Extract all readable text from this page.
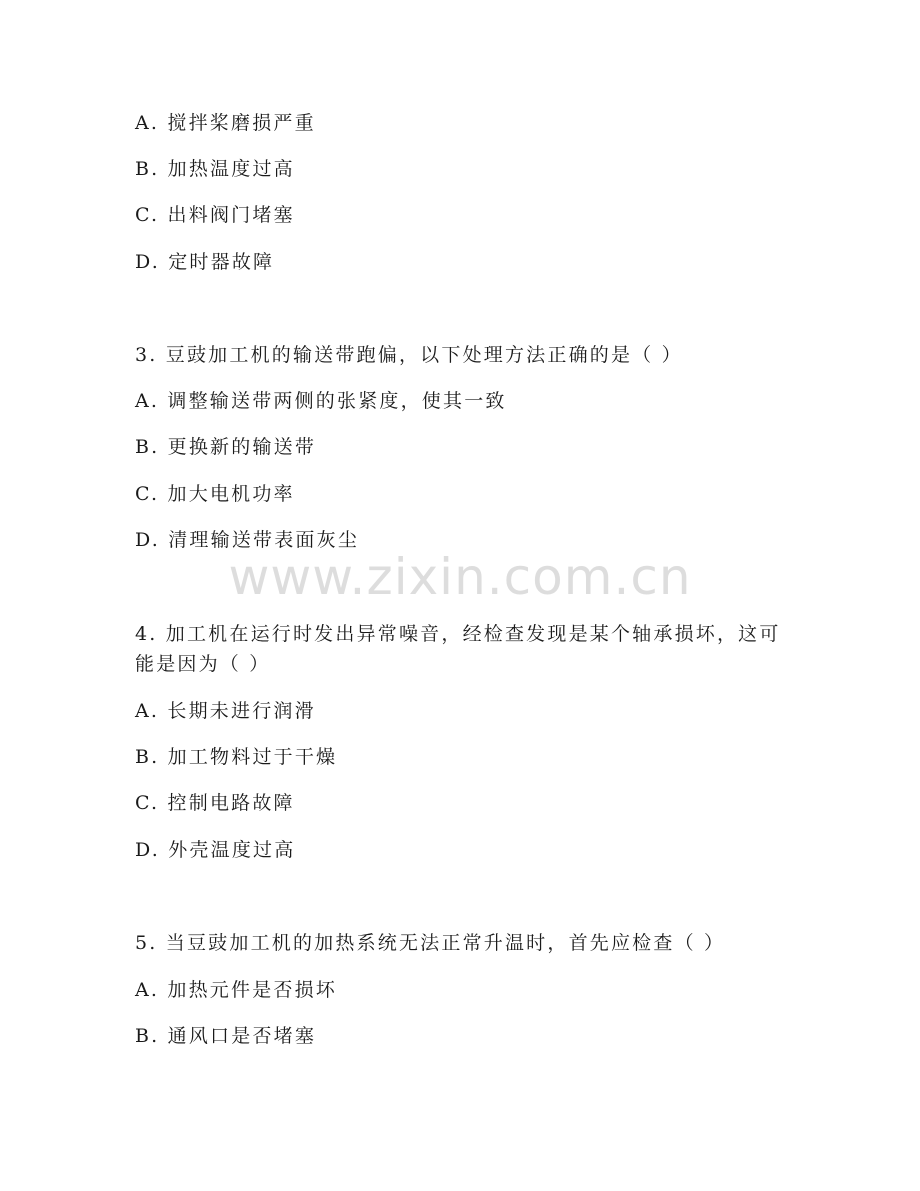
A. 搅拌桨磨损严重
B. 加热温度过高
C. 出料阀门堵塞
D. 定时器故障
3. 豆豉加工机的输送带跑偏，以下处理方法正确的是（ ）
A. 调整输送带两侧的张紧度，使其一致
B. 更换新的输送带
C. 加大电机功率
D. 清理输送带表面灰尘
www.zixin.com.cn
4. 加工机在运行时发出异常噪音，经检查发现是某个轴承损坏，这可
能是因为（ ）
A. 长期未进行润滑
B. 加工物料过于干燥
C. 控制电路故障
D. 外壳温度过高
5. 当豆豉加工机的加热系统无法正常升温时，首先应检查（ ）
A. 加热元件是否损坏
B. 通风口是否堵塞
